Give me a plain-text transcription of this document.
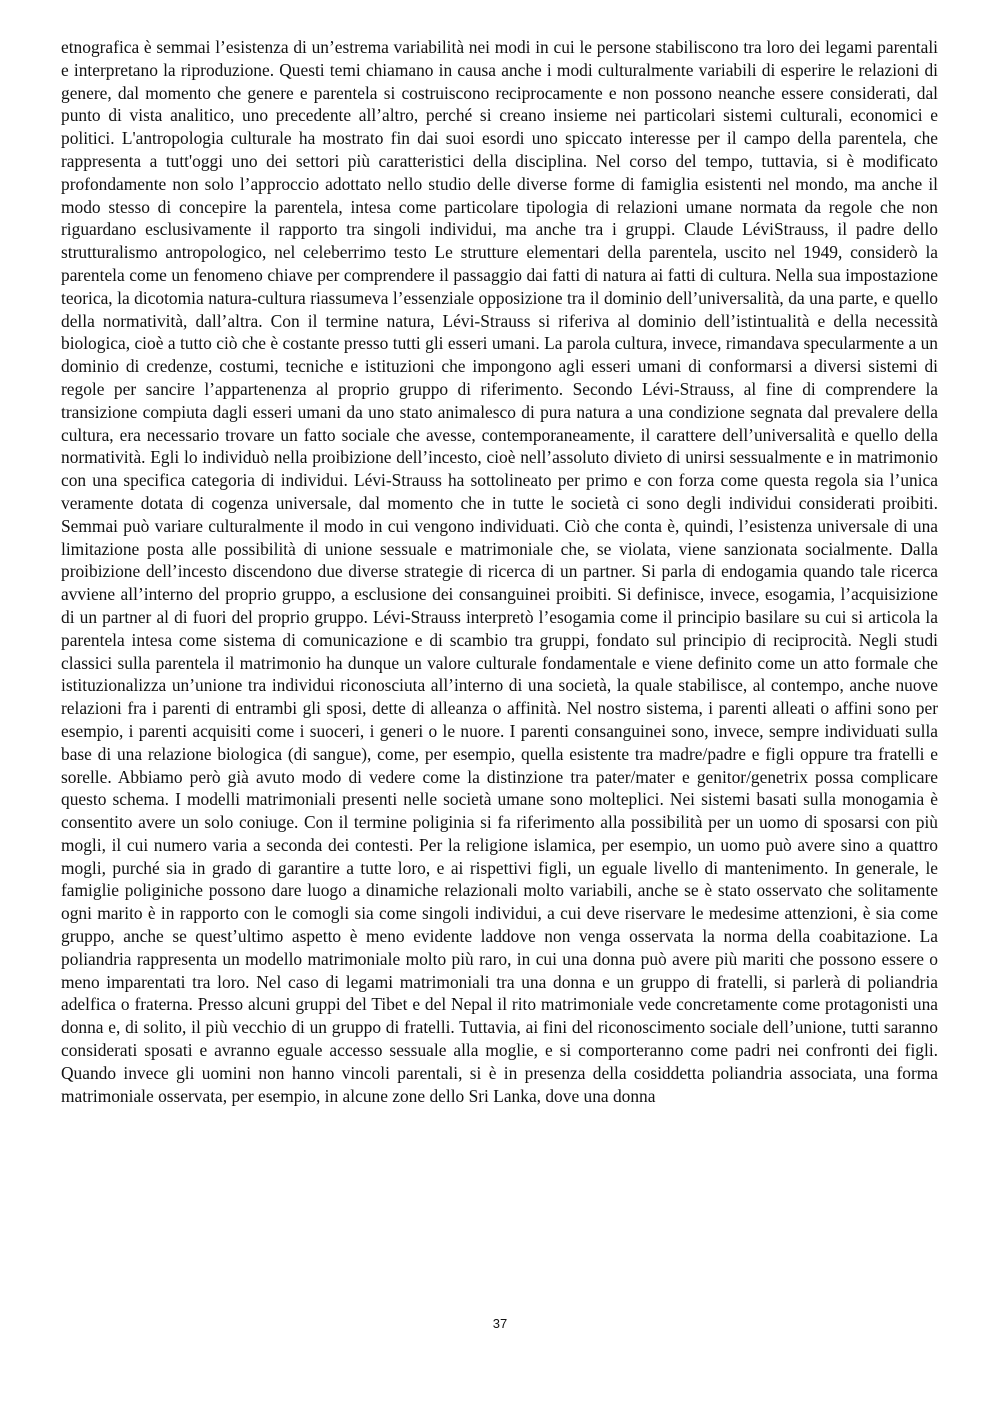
etnografica è semmai l’esistenza di un’estrema variabilità nei modi in cui le persone stabiliscono tra loro dei legami parentali e interpretano la riproduzione. Questi temi chiamano in causa anche i modi culturalmente variabili di esperire le relazioni di genere, dal momento che genere e parentela si costruiscono reciprocamente e non possono neanche essere considerati, dal punto di vista analitico, uno precedente all’altro, perché si creano insieme nei particolari sistemi culturali, economici e politici. L'antropologia culturale ha mostrato fin dai suoi esordi uno spiccato interesse per il campo della parentela, che rappresenta a tutt'oggi uno dei settori più caratteristici della disciplina. Nel corso del tempo, tuttavia, si è modificato profondamente non solo l’approccio adottato nello studio delle diverse forme di famiglia esistenti nel mondo, ma anche il modo stesso di concepire la parentela, intesa come particolare tipologia di relazioni umane normata da regole che non riguardano esclusivamente il rapporto tra singoli individui, ma anche tra i gruppi. Claude LéviStrauss, il padre dello strutturalismo antropologico, nel celeberrimo testo Le strutture elementari della parentela, uscito nel 1949, considerò la parentela come un fenomeno chiave per comprendere il passaggio dai fatti di natura ai fatti di cultura. Nella sua impostazione teorica, la dicotomia natura-cultura riassumeva l’essenziale opposizione tra il dominio dell’universalità, da una parte, e quello della normatività, dall’altra. Con il termine natura, Lévi-Strauss si riferiva al dominio dell’istintualità e della necessità biologica, cioè a tutto ciò che è costante presso tutti gli esseri umani. La parola cultura, invece, rimandava specularmente a un dominio di credenze, costumi, tecniche e istituzioni che impongono agli esseri umani di conformarsi a diversi sistemi di regole per sancire l’appartenenza al proprio gruppo di riferimento. Secondo Lévi-Strauss, al fine di comprendere la transizione compiuta dagli esseri umani da uno stato animalesco di pura natura a una condizione segnata dal prevalere della cultura, era necessario trovare un fatto sociale che avesse, contemporaneamente, il carattere dell’universalità e quello della normatività. Egli lo individuò nella proibizione dell’incesto, cioè nell’assoluto divieto di unirsi sessualmente e in matrimonio con una specifica categoria di individui. Lévi-Strauss ha sottolineato per primo e con forza come questa regola sia l’unica veramente dotata di cogenza universale, dal momento che in tutte le società ci sono degli individui considerati proibiti. Semmai può variare culturalmente il modo in cui vengono individuati. Ciò che conta è, quindi, l’esistenza universale di una limitazione posta alle possibilità di unione sessuale e matrimoniale che, se violata, viene sanzionata socialmente. Dalla proibizione dell’incesto discendono due diverse strategie di ricerca di un partner. Si parla di endogamia quando tale ricerca avviene all’interno del proprio gruppo, a esclusione dei consanguinei proibiti. Si definisce, invece, esogamia, l’acquisizione di un partner al di fuori del proprio gruppo. Lévi-Strauss interpretò l’esogamia come il principio basilare su cui si articola la parentela intesa come sistema di comunicazione e di scambio tra gruppi, fondato sul principio di reciprocità. Negli studi classici sulla parentela il matrimonio ha dunque un valore culturale fondamentale e viene definito come un atto formale che istituzionalizza un’unione tra individui riconosciuta all’interno di una società, la quale stabilisce, al contempo, anche nuove relazioni fra i parenti di entrambi gli sposi, dette di alleanza o affinità. Nel nostro sistema, i parenti alleati o affini sono per esempio, i parenti acquisiti come i suoceri, i generi o le nuore. I parenti consanguinei sono, invece, sempre individuati sulla base di una relazione biologica (di sangue), come, per esempio, quella esistente tra madre/padre e figli oppure tra fratelli e sorelle. Abbiamo però già avuto modo di vedere come la distinzione tra pater/mater e genitor/genetrix possa complicare questo schema. I modelli matrimoniali presenti nelle società umane sono molteplici. Nei sistemi basati sulla monogamia è consentito avere un solo coniuge. Con il termine poliginia si fa riferimento alla possibilità per un uomo di sposarsi con più mogli, il cui numero varia a seconda dei contesti. Per la religione islamica, per esempio, un uomo può avere sino a quattro mogli, purché sia in grado di garantire a tutte loro, e ai rispettivi figli, un eguale livello di mantenimento. In generale, le famiglie poliginiche possono dare luogo a dinamiche relazionali molto variabili, anche se è stato osservato che solitamente ogni marito è in rapporto con le comogli sia come singoli individui, a cui deve riservare le medesime attenzioni, è sia come gruppo, anche se quest’ultimo aspetto è meno evidente laddove non venga osservata la norma della coabitazione. La poliandria rappresenta un modello matrimoniale molto più raro, in cui una donna può avere più mariti che possono essere o meno imparentati tra loro. Nel caso di legami matrimoniali tra una donna e un gruppo di fratelli, si parlerà di poliandria adelfica o fraterna. Presso alcuni gruppi del Tibet e del Nepal il rito matrimoniale vede concretamente come protagonisti una donna e, di solito, il più vecchio di un gruppo di fratelli. Tuttavia, ai fini del riconoscimento sociale dell’unione, tutti saranno considerati sposati e avranno eguale accesso sessuale alla moglie, e si comporteranno come padri nei confronti dei figli. Quando invece gli uomini non hanno vincoli parentali, si è in presenza della cosiddetta poliandria associata, una forma matrimoniale osservata, per esempio, in alcune zone dello Sri Lanka, dove una donna

37
